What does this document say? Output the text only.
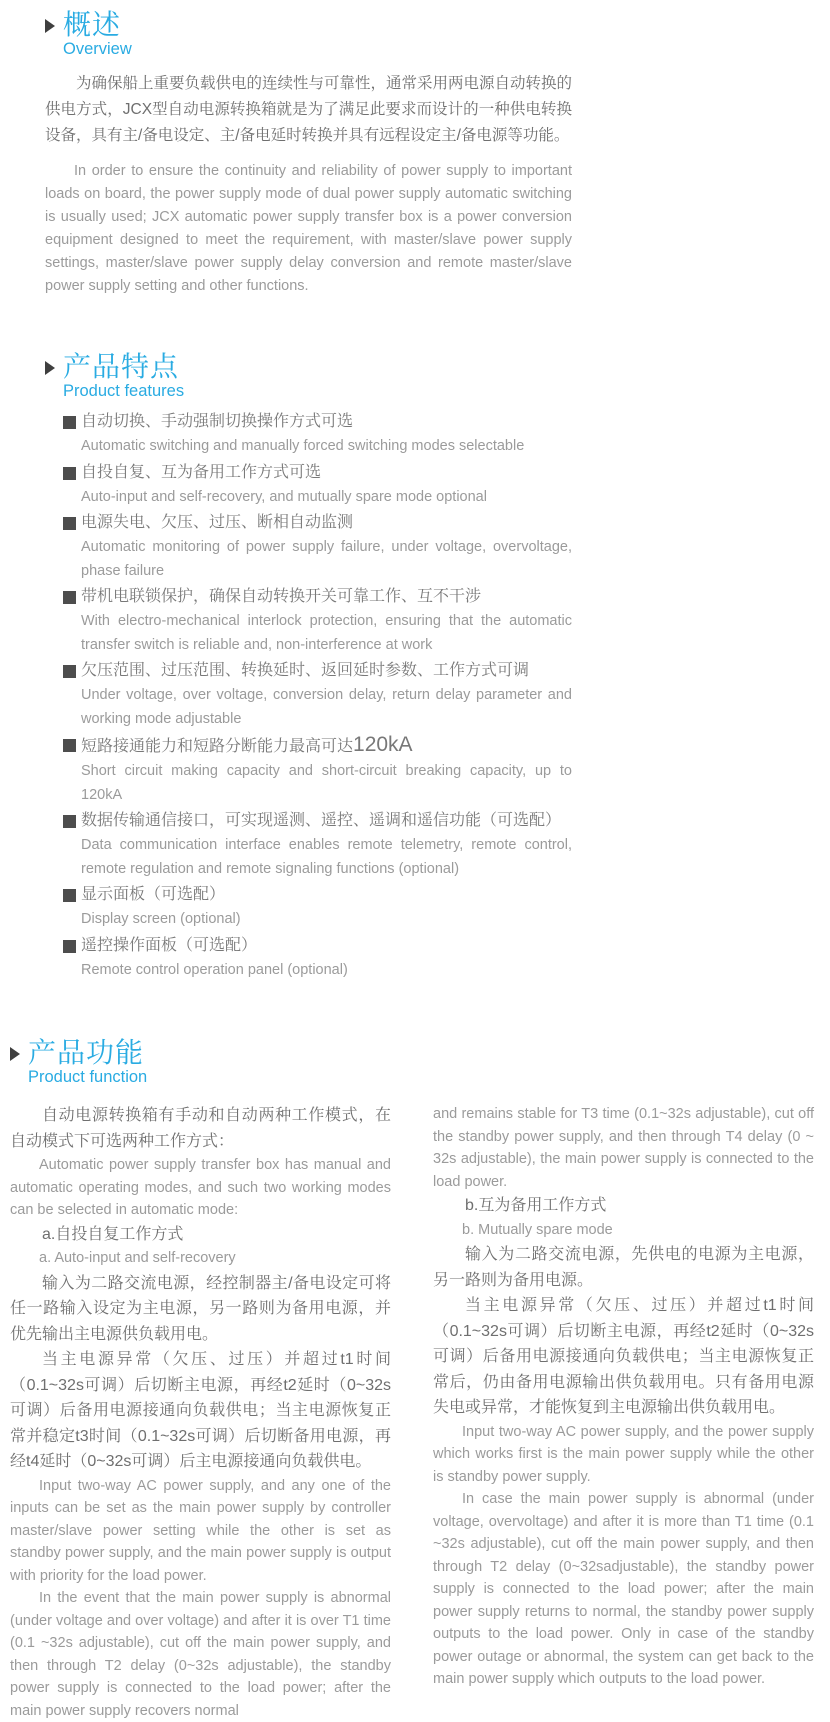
概述
Overview

为确保船上重要负载供电的连续性与可靠性，通常采用两电源自动转换的供电方式，JCX型自动电源转换箱就是为了满足此要求而设计的一种供电转换设备，具有主/备电设定、主/备电延时转换并具有远程设定主/备电源等功能。

In order to ensure the continuity and reliability of power supply to important loads on board, the power supply mode of dual power supply automatic switching is usually used; JCX automatic power supply transfer box is a power conversion equipment designed to meet the requirement, with master/slave power supply settings, master/slave power supply delay conversion and remote master/slave power supply setting and other functions.

产品特点
Product features
自动切换、手动强制切换操作方式可选
Automatic switching and manually forced switching modes selectable
自投自复、互为备用工作方式可选
Auto-input and self-recovery, and mutually spare mode optional
电源失电、欠压、过压、断相自动监测
Automatic monitoring of power supply failure, under voltage, overvoltage, phase failure
带机电联锁保护，确保自动转换开关可靠工作、互不干涉
With electro-mechanical interlock protection, ensuring that the automatic transfer switch is reliable and, non-interference at work
欠压范围、过压范围、转换延时、返回延时参数、工作方式可调
Under voltage, over voltage, conversion delay, return delay parameter and working mode adjustable
短路接通能力和短路分断能力最高可达120kA
Short circuit making capacity and short-circuit breaking capacity, up to 120kA
数据传输通信接口，可实现遥测、遥控、遥调和遥信功能（可选配）
Data communication interface enables remote telemetry, remote control, remote regulation and remote signaling functions (optional)
显示面板（可选配）
Display screen (optional)
遥控操作面板（可选配）
Remote control operation panel (optional)
产品功能
Product function

自动电源转换箱有手动和自动两种工作模式，在自动模式下可选两种工作方式：

Automatic power supply transfer box has manual and automatic operating modes, and such two working modes can be selected in automatic mode:

a.自投自复工作方式

a. Auto-input and self-recovery

输入为二路交流电源，经控制器主/备电设定可将任一路输入设定为主电源，另一路则为备用电源，并优先输出主电源供负载用电。

当主电源异常（欠压、过压）并超过t1时间（0.1~32s可调）后切断主电源，再经t2延时（0~32s可调）后备用电源接通向负载供电；当主电源恢复正常并稳定t3时间（0.1~32s可调）后切断备用电源，再经t4延时（0~32s可调）后主电源接通向负载供电。

Input two-way AC power supply, and any one of the inputs can be set as the main power supply by controller master/slave power setting while the other is set as standby power supply, and the main power supply is output with priority for the load power.

In the event that the main power supply is abnormal (under voltage and over voltage) and after it is over T1 time (0.1 ~32s adjustable), cut off the main power supply, and then through T2 delay (0~32s adjustable), the standby power supply is connected to the load power; after the main power supply recovers normal

and remains stable for T3 time (0.1~32s adjustable), cut off the standby power supply, and then through T4 delay (0 ~ 32s adjustable), the main power supply is connected to the load power.

b.互为备用工作方式

b. Mutually spare mode

输入为二路交流电源，先供电的电源为主电源，另一路则为备用电源。

当主电源异常（欠压、过压）并超过t1时间（0.1~32s可调）后切断主电源，再经t2延时（0~32s可调）后备用电源接通向负载供电；当主电源恢复正常后，仍由备用电源输出供负载用电。只有备用电源失电或异常，才能恢复到主电源输出供负载用电。

Input two-way AC power supply, and the power supply which works first is the main power supply while the other is standby power supply.

In case the main power supply is abnormal (under voltage, overvoltage) and after it is more than T1 time (0.1 ~32s adjustable), cut off the main power supply, and then through T2 delay (0~32sadjustable), the standby power supply is connected to the load power; after the main power supply returns to normal, the standby power supply outputs to the load power. Only in case of the standby power outage or abnormal, the system can get back to the main power supply which outputs to the load power.
